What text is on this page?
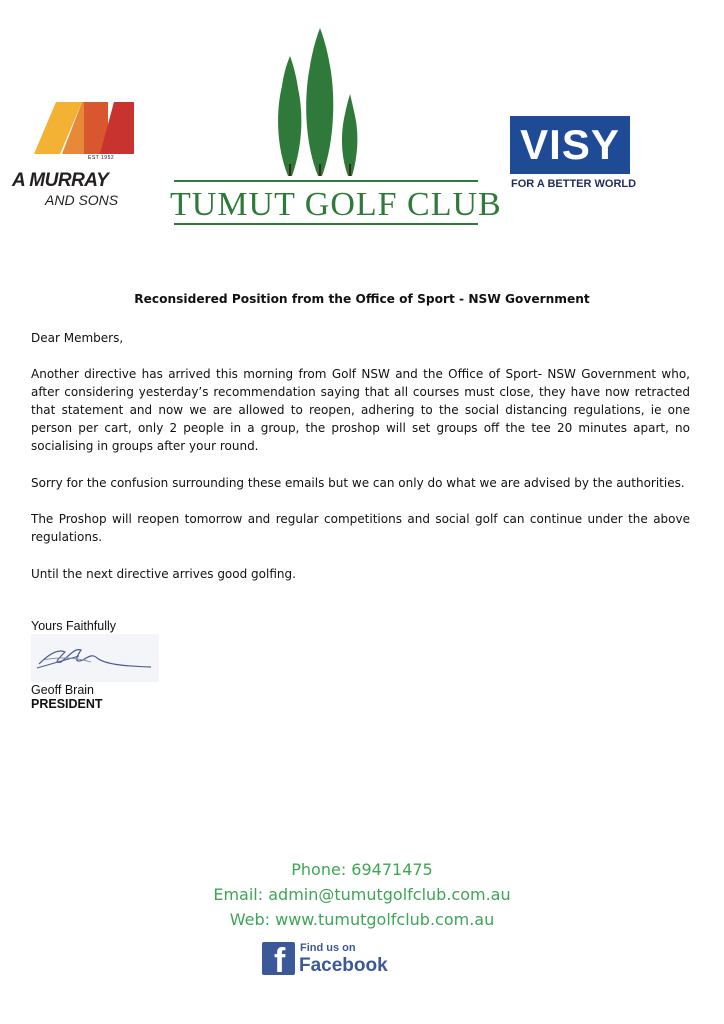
EST 1952
A MURRAY
AND SONS TUMUT GOLF CLUB
VISY
FOR A BETTER WORLD
Reconsidered Position from the Office of Sport - NSW Government
Dear Members,
Another directive has arrived this morning from Golf NSW and the Office of Sport- NSW Government who, after considering yesterday’s recommendation saying that all courses must close, they have now retracted that statement and now we are allowed to reopen, adhering to the social distancing regulations, ie one person per cart, only 2 people in a group, the proshop will set groups off the tee 20 minutes apart, no socialising in groups after your round.
Sorry for the confusion surrounding these emails but we can only do what we are advised by the authorities.
The Proshop will reopen tomorrow and regular competitions and social golf can continue under the above regulations.
Until the next directive arrives good golfing.
Yours Faithfully
Geoff Brain
PRESIDENT
Phone: 69471475
Email: admin@tumutgolfclub.com.au
Web: www.tumutgolfclub.com.au
f Find us on
Facebook
